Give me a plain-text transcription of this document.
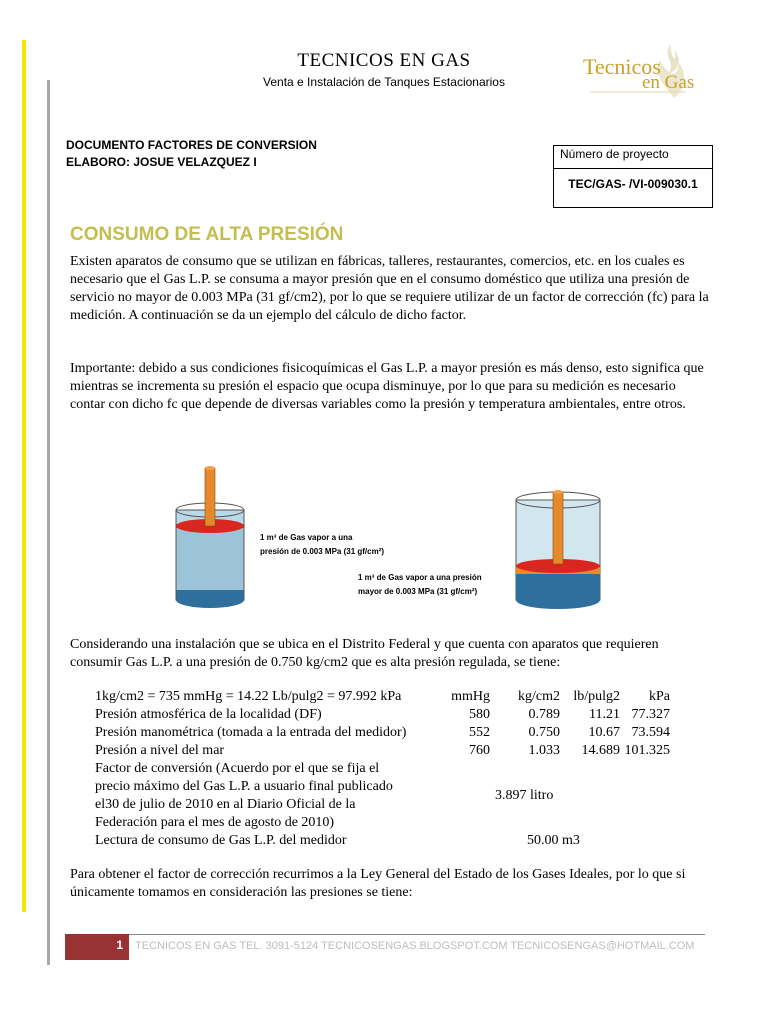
TECNICOS EN GAS
Venta e Instalación de Tanques Estacionarios
Tecnicos
en Gas
DOCUMENTO FACTORES DE CONVERSION
ELABORO: JOSUE VELAZQUEZ I
Número de proyecto
TEC/GAS- /VI-009030.1
CONSUMO DE ALTA PRESIÓN
Existen aparatos de consumo que se utilizan en fábricas, talleres, restaurantes, comercios, etc. en los cuales es necesario que el Gas L.P. se consuma a mayor presión que en el consumo doméstico que utiliza una presión de servicio no mayor de 0.003 MPa (31 gf/cm2), por lo que se requiere utilizar de un factor de corrección (fc) para la medición. A continuación se da un ejemplo del cálculo de dicho factor.
Importante: debido a sus condiciones fisicoquímicas el Gas L.P. a mayor presión es más denso, esto significa que mientras se incrementa su presión el espacio que ocupa disminuye, por lo que para su medición es necesario contar con dicho fc que depende de diversas variables como la presión y temperatura ambientales, entre otros.
1 m³ de Gas vapor a una
presión de 0.003 MPa (31 gf/cm²)
1 m³ de Gas vapor a una presión
mayor de 0.003 MPa (31 gf/cm²)
Considerando una instalación que se ubica en el Distrito Federal y que cuenta con aparatos que requieren consumir Gas L.P. a una presión de 0.750 kg/cm2 que es alta presión regulada, se tiene:
1kg/cm2 = 735 mmHg = 14.22 Lb/pulg2 = 97.992 kPa	mmHg	kg/cm2 lb/pulg2	kPa
Presión atmosférica de la localidad (DF)	580	0.789	11.21 77.327
Presión manométrica (tomada a la entrada del medidor)	552	0.750	10.67 73.594
Presión a nivel del mar	760	1.033	14.689 101.325
Factor de conversión (Acuerdo por el que se fija el precio máximo del Gas L.P. a usuario final publicado el30 de julio de 2010 en al Diario Oficial de la Federación para el mes de agosto de 2010)
3.897 litro
Lectura de consumo de Gas L.P. del medidor	50.00 m3
Para obtener el factor de corrección recurrimos a la Ley General del Estado de los Gases Ideales, por lo que si únicamente tomamos en consideración las presiones se tiene:
1 TECNICOS EN GAS TEL. 3091-5124 TECNICOSENGAS.BLOGSPOT.COM TECNICOSENGAS@HOTMAIL.COM
